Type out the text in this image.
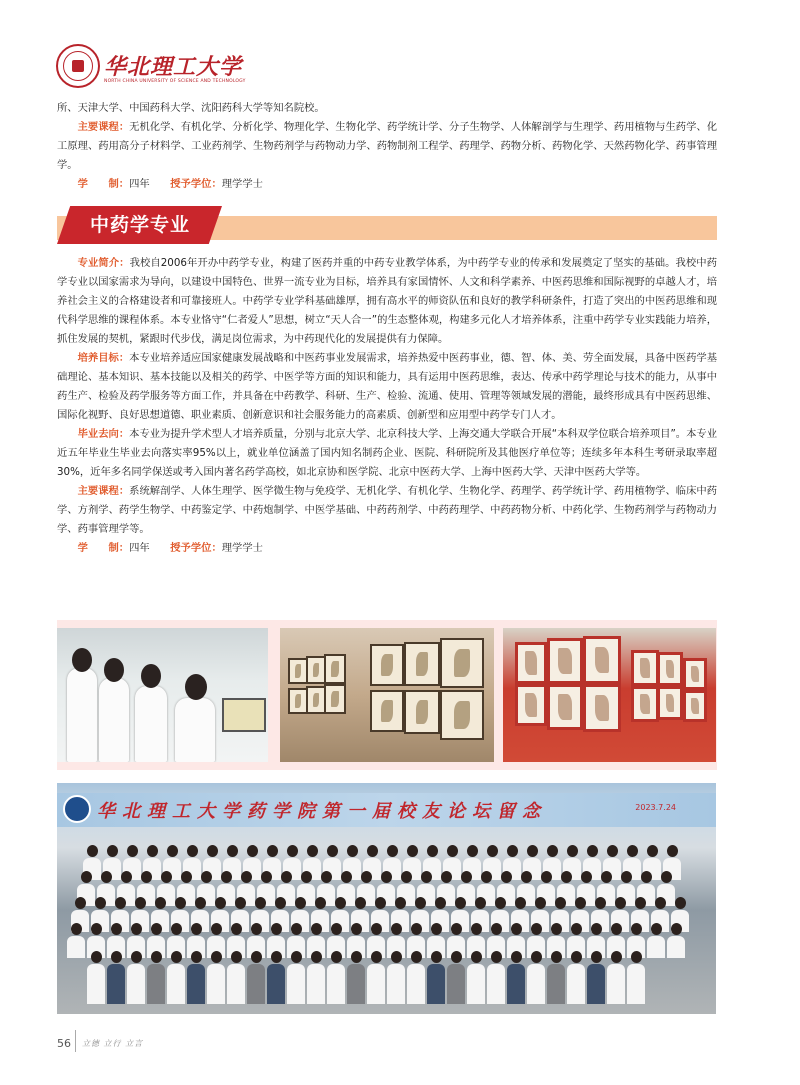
华北理工大学
NORTH CHINA UNIVERSITY OF SCIENCE AND TECHNOLOGY
所、天津大学、中国药科大学、沈阳药科大学等知名院校。
主要课程：无机化学、有机化学、分析化学、物理化学、生物化学、药学统计学、分子生物学、人体解剖学与生理学、药用植物与生药学、化工原理、药用高分子材料学、工业药剂学、生物药剂学与药物动力学、药物制剂工程学、药理学、药物分析、药物化学、天然药物化学、药事管理学。
学　　制：四年　　 授予学位：理学学士
中药学专业
专业简介：我校自2006年开办中药学专业，构建了医药并重的中药专业教学体系，为中药学专业的传承和发展奠定了坚实的基础。我校中药学专业以国家需求为导向，以建设中国特色、世界一流专业为目标，培养具有家国情怀、人文和科学素养、中医药思维和国际视野的卓越人才，培养社会主义的合格建设者和可靠接班人。中药学专业学科基础雄厚，拥有高水平的师资队伍和良好的教学科研条件，打造了突出的中医药思维和现代科学思维的课程体系。本专业恪守“仁者爱人”思想，树立“天人合一”的生态整体观，构建多元化人才培养体系，注重中药学专业实践能力培养，抓住发展的契机，紧跟时代步伐，满足岗位需求，为中药现代化的发展提供有力保障。
培养目标：本专业培养适应国家健康发展战略和中医药事业发展需求，培养热爱中医药事业，德、智、体、美、劳全面发展，具备中医药学基础理论、基本知识、基本技能以及相关的药学、中医学等方面的知识和能力，具有运用中医药思维，表达、传承中药学理论与技术的能力，从事中药生产、检验及药学服务等方面工作，并具备在中药教学、科研、生产、检验、流通、使用、管理等领域发展的潜能，最终形成具有中医药思维、国际化视野、良好思想道德、职业素质、创新意识和社会服务能力的高素质、创新型和应用型中药学专门人才。
毕业去向：本专业为提升学术型人才培养质量，分别与北京大学、北京科技大学、上海交通大学联合开展“本科双学位联合培养项目”。本专业近五年毕业生毕业去向落实率95%以上，就业单位涵盖了国内知名制药企业、医院、科研院所及其他医疗单位等；连续多年本科生考研录取率超30%，近年多名同学保送或考入国内著名药学高校，如北京协和医学院、北京中医药大学、上海中医药大学、天津中医药大学等。
主要课程：系统解剖学、人体生理学、医学微生物与免疫学、无机化学、有机化学、生物化学、药理学、药学统计学、药用植物学、临床中药学、方剂学、药学生物学、中药鉴定学、中药炮制学、中医学基础、中药药剂学、中药药理学、中药药物分析、中药化学、生物药剂学与药物动力学、药事管理学等。
学　　制：四年　　 授予学位：理学学士
华北理工大学药学院第一届校友论坛留念	2023.7.24
56 立德 立行 立言
